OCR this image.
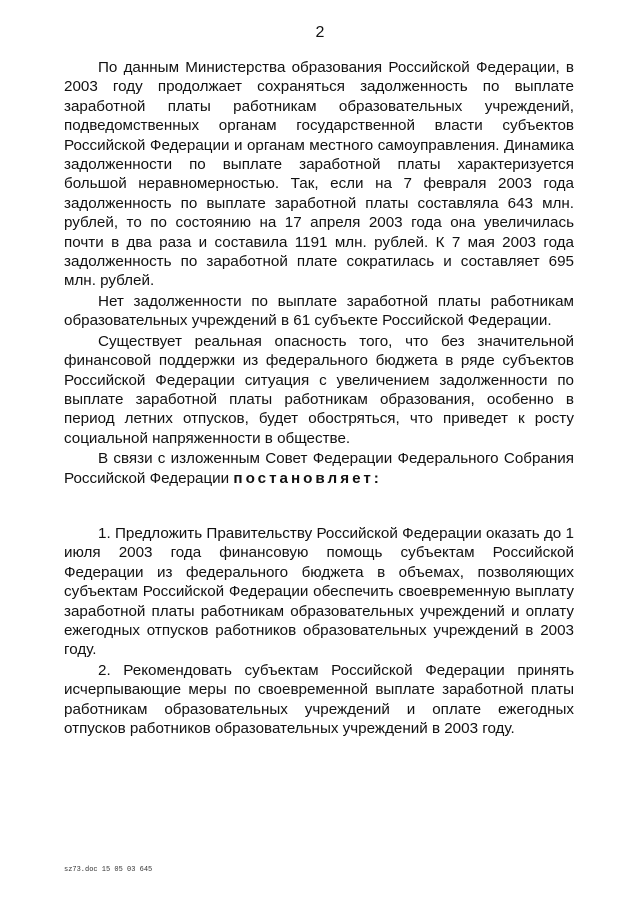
2

По данным Министерства образования Российской Федерации, в 2003 году продолжает сохраняться задолженность по выплате заработной платы работникам образовательных учреждений, подведомственных органам государственной власти субъектов Российской Федерации и органам местного самоуправления. Динамика задолженности по выплате заработной платы характеризуется большой неравномерностью. Так, если на 7 февраля 2003 года задолженность по выплате заработной платы составляла 643 млн. рублей, то по состоянию на 17 апреля 2003 года она увеличилась почти в два раза и составила 1191 млн. рублей. К 7 мая 2003 года задолженность по заработной плате сократилась и составляет 695 млн. рублей.

Нет задолженности по выплате заработной платы работникам образовательных учреждений в 61 субъекте Российской Федерации.

Существует реальная опасность того, что без значительной финансовой поддержки из федерального бюджета в ряде субъектов Российской Федерации ситуация с увеличением задолженности по выплате заработной платы работникам образования, особенно в период летних отпусков, будет обостряться, что приведет к росту социальной напряженности в обществе.

В связи с изложенным Совет Федерации Федерального Собрания Российской Федерации постановляет:

1. Предложить Правительству Российской Федерации оказать до 1 июля 2003 года финансовую помощь субъектам Российской Федерации из федерального бюджета в объемах, позволяющих субъектам Российской Федерации обеспечить своевременную выплату заработной платы работникам образовательных учреждений и оплату ежегодных отпусков работников образовательных учреждений в 2003 году.

2. Рекомендовать субъектам Российской Федерации принять исчерпывающие меры по своевременной выплате заработной платы работникам образовательных учреждений и оплате ежегодных отпусков работников образовательных учреждений в 2003 году.

sz73.doc 15 05 03 645
